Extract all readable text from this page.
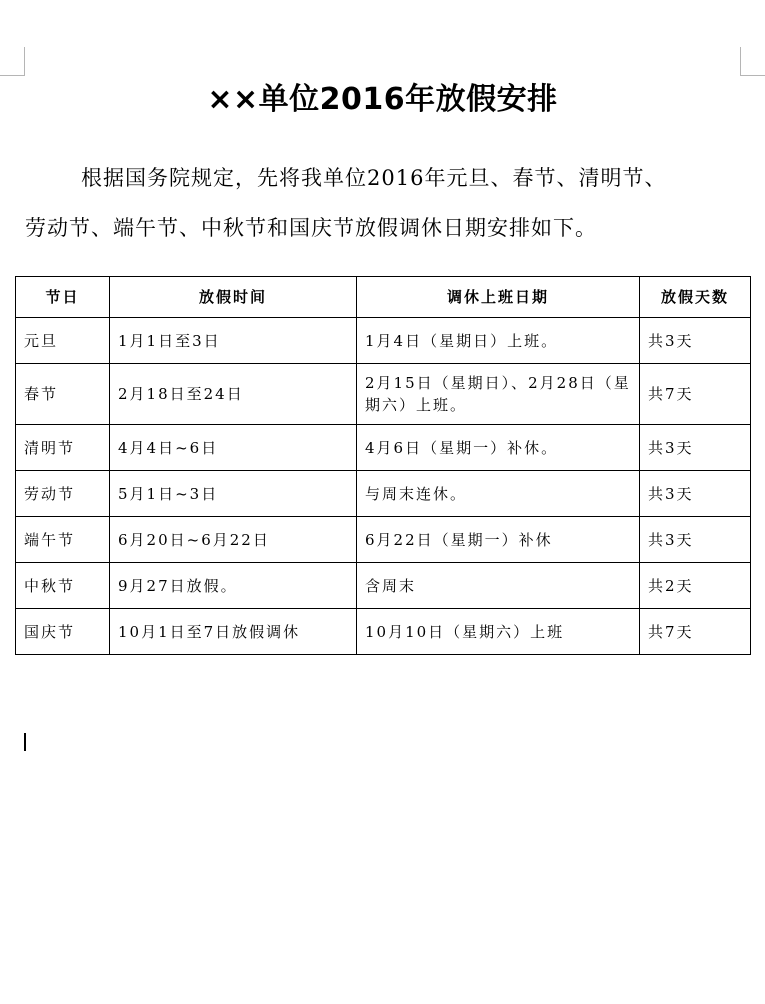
××单位2016年放假安排
根据国务院规定，先将我单位2016年元旦、春节、清明节、
劳动节、端午节、中秋节和国庆节放假调休日期安排如下。
节日	放假时间	调休上班日期	放假天数
元旦	1月1日至3日	1月4日（星期日）上班。	共3天
春节	2月18日至24日	2月15日（星期日）、2月28日（星期六）上班。	共7天
清明节	4月4日~6日	4月6日（星期一）补休。	共3天
劳动节	5月1日~3日	与周末连休。	共3天
端午节	6月20日~6月22日	6月22日（星期一）补休	共3天
中秋节	9月27日放假。	含周末	共2天
国庆节	10月1日至7日放假调休	10月10日（星期六）上班	共7天
